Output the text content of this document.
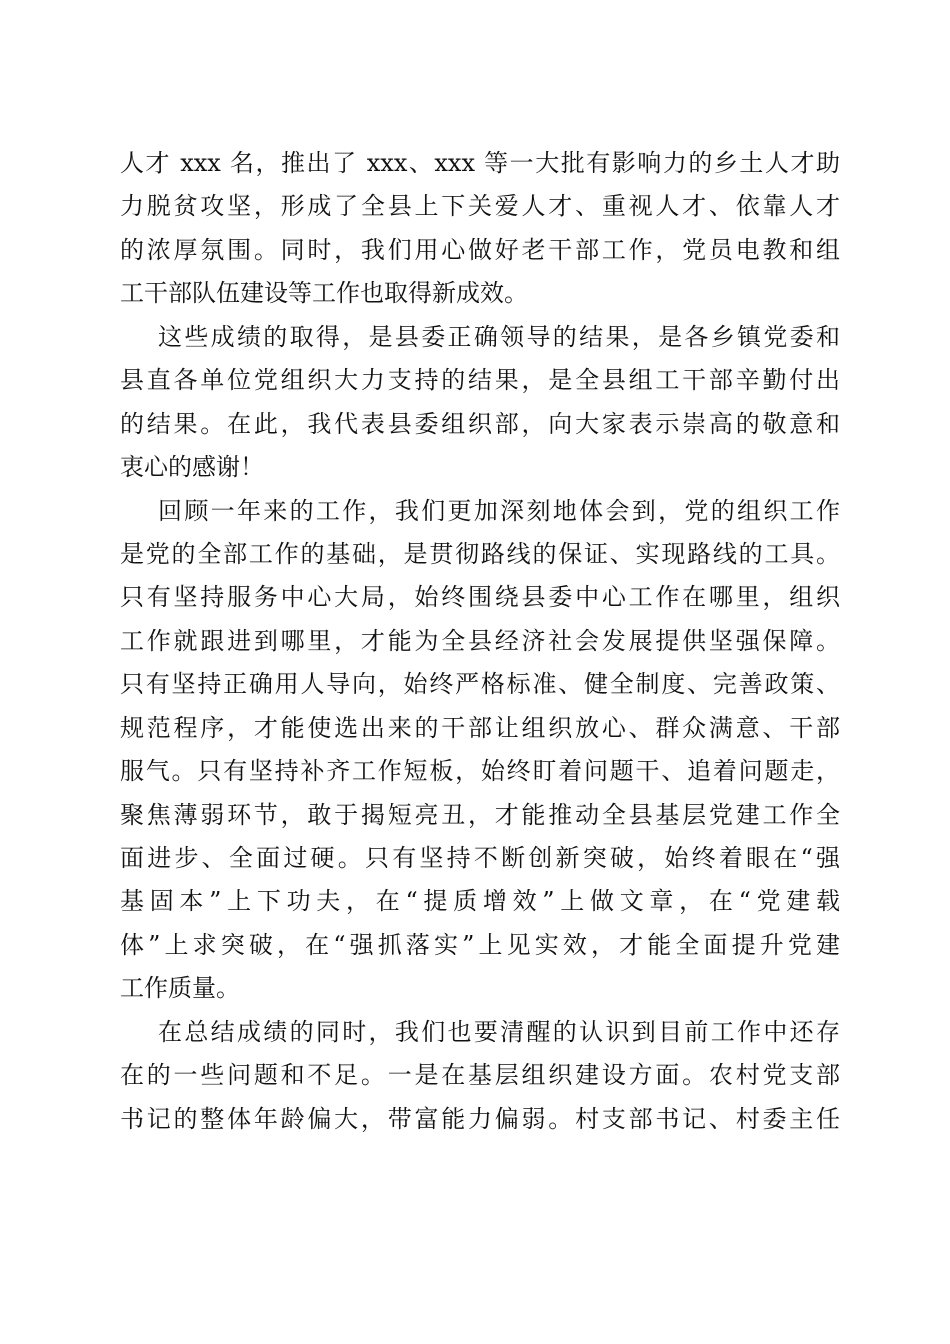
人才 xxx 名，推出了 xxx、xxx 等一大批有影响力的乡土人才助
力脱贫攻坚，形成了全县上下关爱人才、重视人才、依靠人才
的浓厚氛围。同时，我们用心做好老干部工作，党员电教和组
工干部队伍建设等工作也取得新成效。
这些成绩的取得，是县委正确领导的结果，是各乡镇党委和
县直各单位党组织大力支持的结果，是全县组工干部辛勤付出
的结果。在此，我代表县委组织部，向大家表示崇高的敬意和
衷心的感谢！
回顾一年来的工作，我们更加深刻地体会到，党的组织工作
是党的全部工作的基础，是贯彻路线的保证、实现路线的工具。
只有坚持服务中心大局，始终围绕县委中心工作在哪里，组织
工作就跟进到哪里，才能为全县经济社会发展提供坚强保障。
只有坚持正确用人导向，始终严格标准、健全制度、完善政策、
规范程序，才能使选出来的干部让组织放心、群众满意、干部
服气。只有坚持补齐工作短板，始终盯着问题干、追着问题走，
聚焦薄弱环节，敢于揭短亮丑，才能推动全县基层党建工作全
面进步、全面过硬。只有坚持不断创新突破，始终着眼在“强
基固本”上下功夫，在“提质增效”上做文章，在“党建载
体”上求突破，在“强抓落实”上见实效，才能全面提升党建
工作质量。
在总结成绩的同时，我们也要清醒的认识到目前工作中还存
在的一些问题和不足。一是在基层组织建设方面。农村党支部
书记的整体年龄偏大，带富能力偏弱。村支部书记、村委主任
